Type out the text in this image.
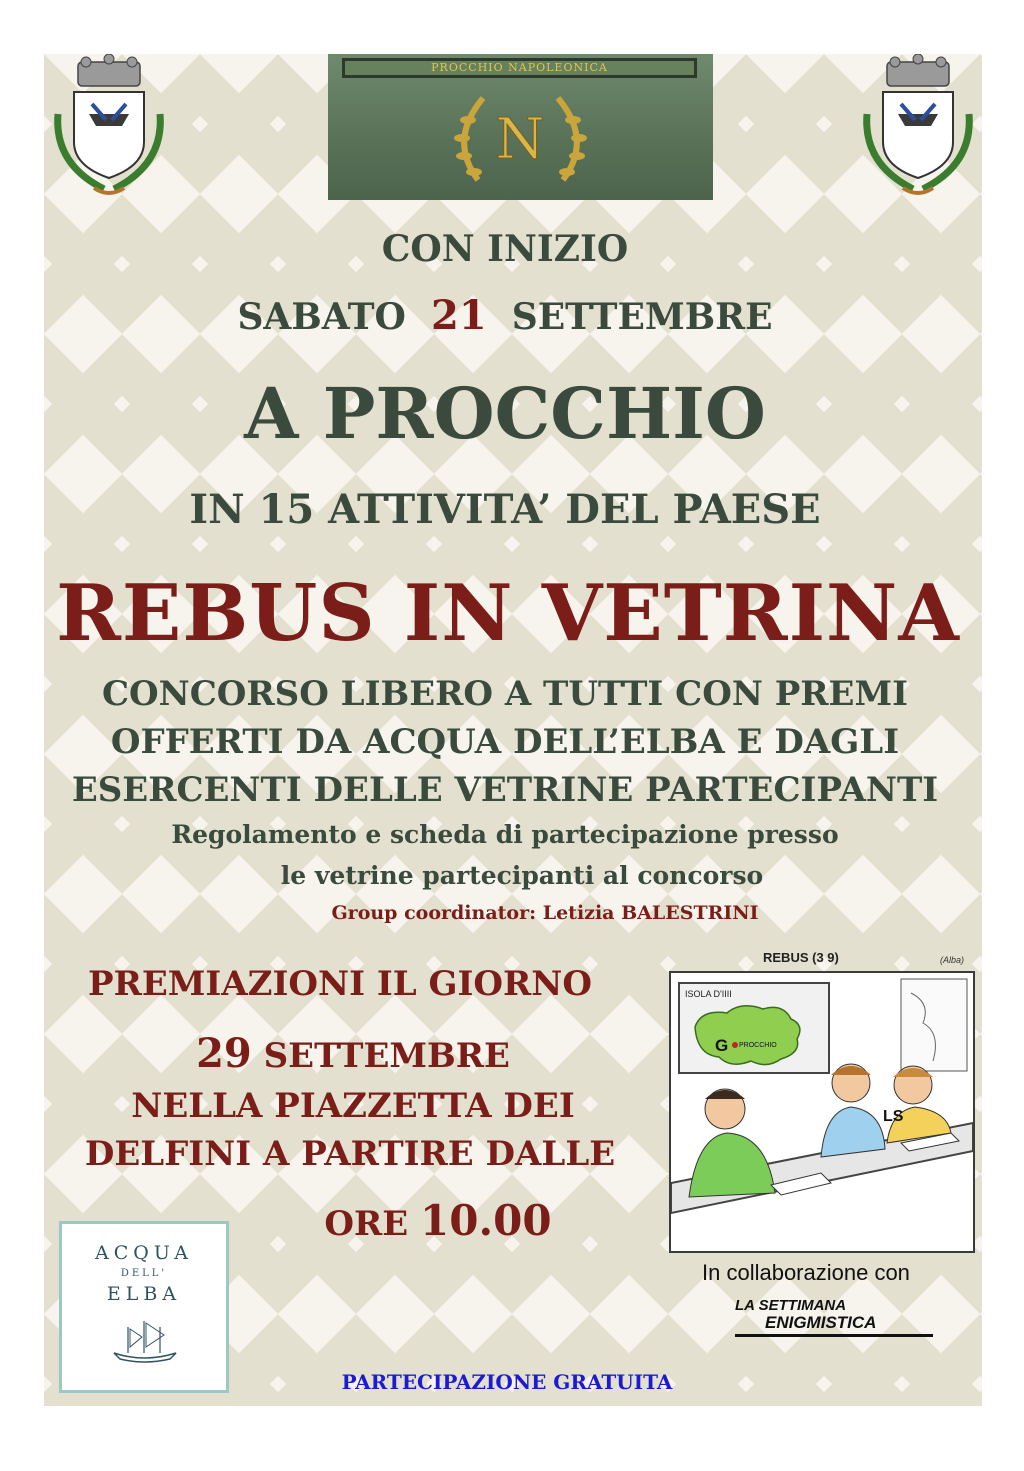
PROCCHIO NAPOLEONICA
N
CON INIZIO
SABATO 21 SETTEMBRE
A PROCCHIO
IN 15 ATTIVITA’ DEL PAESE
REBUS IN VETRINA
CONCORSO LIBERO A TUTTI CON PREMI
OFFERTI DA ACQUA DELL’ELBA E DAGLI
ESERCENTI DELLE VETRINE PARTECIPANTI
Regolamento e scheda di partecipazione presso
le vetrine partecipanti al concorso
Group coordinator: Letizia BALESTRINI
PREMIAZIONI IL GIORNO
29 SETTEMBRE
NELLA PIAZZETTA DEI
DELFINI A PARTIRE DALLE
ORE 10.00
REBUS (3 9)	(Alba)
ISOLA D'IIII
G PROCCHIO
LS
In collaborazione con
LA SETTIMANA
ENIGMISTICA
ACQUA
DELL'
ELBA
PARTECIPAZIONE GRATUITA
